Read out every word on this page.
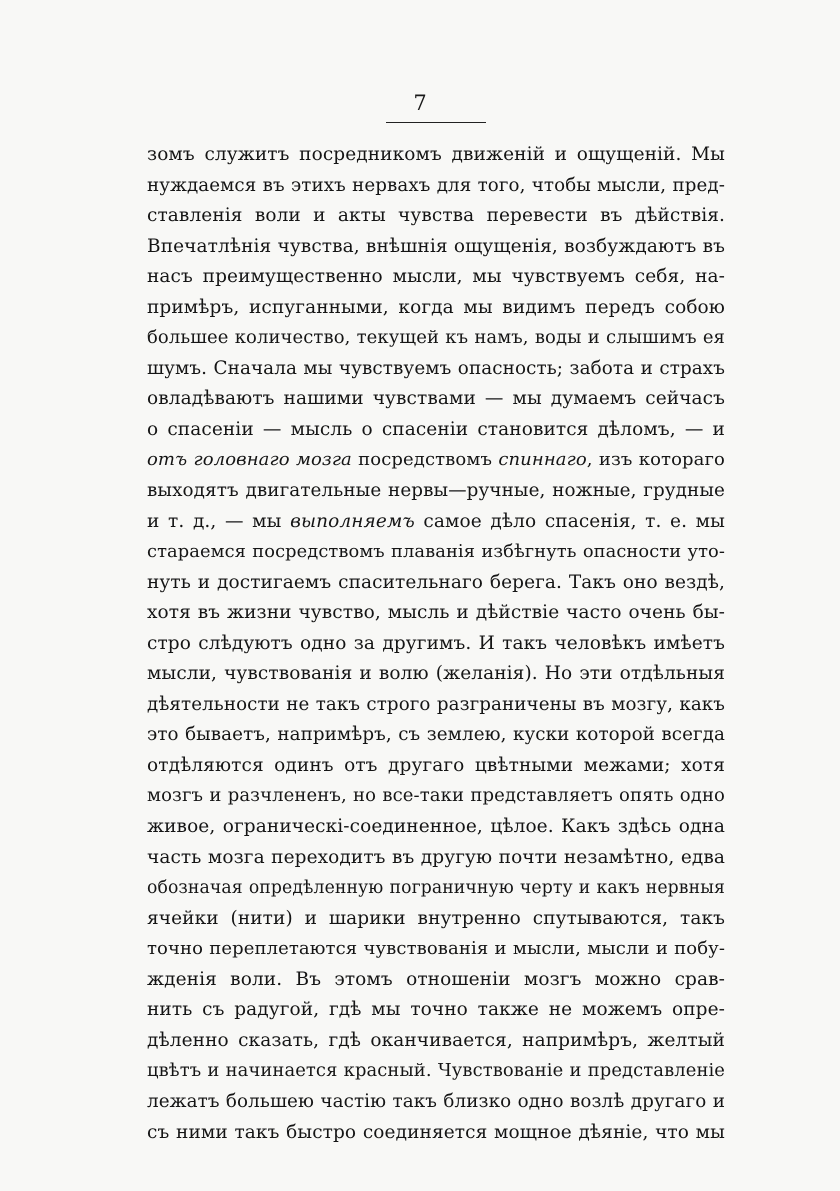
7
зомъ служитъ посредникомъ движеній и ощущеній. Мы
нуждаемся въ этихъ нервахъ для того, чтобы мысли, пред-
ставленія воли и акты чувства перевести въ дѣйствія.
Впечатлѣнія чувства, внѣшнія ощущенія, возбуждаютъ въ
насъ преимущественно мысли, мы чувствуемъ себя, на-
примѣръ, испуганными, когда мы видимъ передъ собою
большее количество, текущей къ намъ, воды и слышимъ ея
шумъ. Сначала мы чувствуемъ опасность; забота и страхъ
овладѣваютъ нашими чувствами — мы думаемъ сейчасъ
о спасеніи — мысль о спасеніи становится дѣломъ, — и
отъ головнаго мозга посредствомъ спиннаго, изъ котораго
выходятъ двигательные нервы—ручные, ножные, грудные
и т. д., — мы выполняемъ самое дѣло спасенія, т. е. мы
стараемся посредствомъ плаванія избѣгнуть опасности уто-
нуть и достигаемъ спасительнаго берега. Такъ оно вездѣ,
хотя въ жизни чувство, мысль и дѣйствіе часто очень бы-
стро слѣдуютъ одно за другимъ. И такъ человѣкъ имѣетъ
мысли, чувствованія и волю (желанія). Но эти отдѣльныя
дѣятельности не такъ строго разграничены въ мозгу, какъ
это бываетъ, напримѣръ, съ землею, куски которой всегда
отдѣляются одинъ отъ другаго цвѣтными межами; хотя
мозгъ и разчлененъ, но все-таки представляетъ опять одно
живое, ограническі-соединенное, цѣлое. Какъ здѣсь одна
часть мозга переходитъ въ другую почти незамѣтно, едва
обозначая опредѣленную пограничную черту и какъ нервныя
ячейки (нити) и шарики внутренно спутываются, такъ
точно переплетаются чувствованія и мысли, мысли и побу-
жденія воли. Въ этомъ отношеніи мозгъ можно срав-
нить съ радугой, гдѣ мы точно также не можемъ опре-
дѣленно сказать, гдѣ оканчивается, напримѣръ, желтый
цвѣтъ и начинается красный. Чувствованіе и представленіе
лежатъ большею частію такъ близко одно возлѣ другаго и
съ ними такъ быстро соединяется мощное дѣяніе, что мы
